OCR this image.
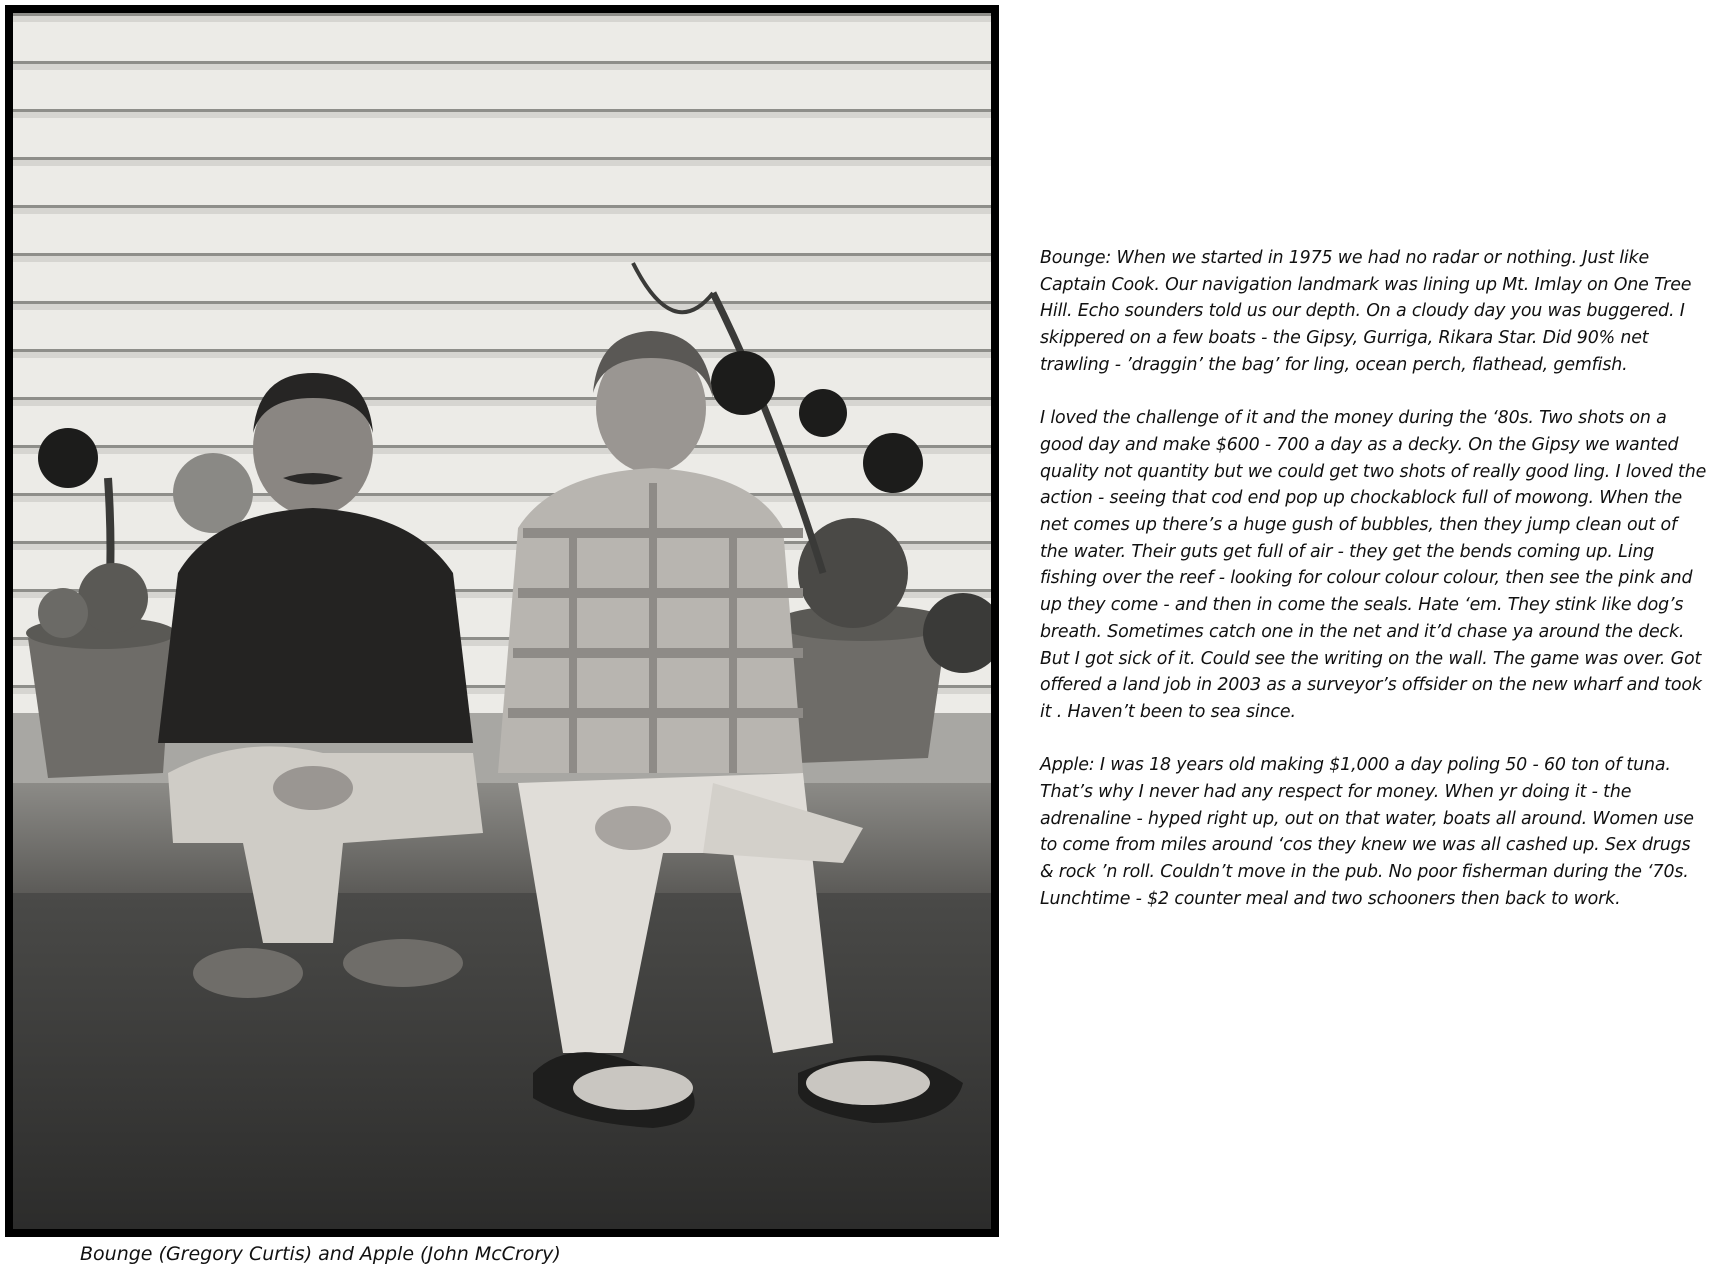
Bounge (Gregory Curtis) and Apple (John McCrory)

Bounge: When we started in 1975 we had no radar or nothing. Just like Captain Cook. Our navigation landmark was lining up Mt. Imlay on One Tree Hill. Echo sounders told us our depth. On a cloudy day you was buggered. I skippered on a few boats - the Gipsy, Gurriga, Rikara Star. Did 90% net trawling - ’draggin’ the bag’ for ling, ocean perch, flathead, gemfish.

I loved the challenge of it and the money during the ‘80s. Two shots on a good day and make $600 - 700 a day as a decky. On the Gipsy we wanted quality not quantity but we could get two shots of really good ling. I loved the action - seeing that cod end pop up chockablock full of mowong. When the net comes up there’s a huge gush of bubbles, then they jump clean out of the water. Their guts get full of air - they get the bends coming up. Ling fishing over the reef - looking for colour colour colour, then see the pink and up they come - and then in come the seals. Hate ‘em. They stink like dog’s breath. Sometimes catch one in the net and it’d chase ya around the deck. But I got sick of it. Could see the writing on the wall. The game was over. Got offered a land job in 2003 as a surveyor’s offsider on the new wharf and took it . Haven’t been to sea since.

Apple: I was 18 years old making $1,000 a day poling 50 - 60 ton of tuna. That’s why I never had any respect for money. When yr doing it - the adrenaline - hyped right up, out on that water, boats all around. Women use to come from miles around ‘cos they knew we was all cashed up. Sex drugs & rock ’n roll. Couldn’t move in the pub. No poor fisherman during the ‘70s. Lunchtime - $2 counter meal and two schooners then back to work.
